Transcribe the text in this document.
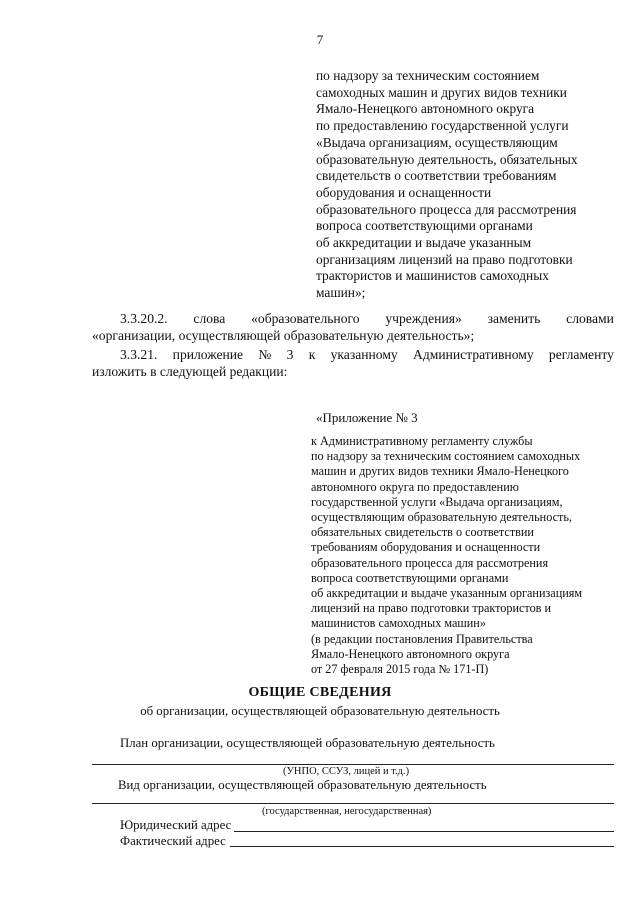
7
по надзору за техническим состоянием
самоходных машин и других видов техники
Ямало-Ненецкого автономного округа
по предоставлению государственной услуги
«Выдача организациям, осуществляющим
образовательную деятельность, обязательных
свидетельств о соответствии требованиям
оборудования и оснащенности
образовательного процесса для рассмотрения
вопроса соответствующими органами
об аккредитации и выдаче указанным
организациям лицензий на право подготовки
трактористов и машинистов самоходных
машин»;
3.3.20.2. слова «образовательного учреждения» заменить словами
«организации, осуществляющей образовательную деятельность»;
3.3.21. приложение № 3 к указанному Административному регламенту
изложить в следующей редакции:
«Приложение № 3
к Административному регламенту службы
по надзору за техническим состоянием самоходных
машин и других видов техники Ямало-Ненецкого
автономного округа по предоставлению
государственной услуги «Выдача организациям,
осуществляющим образовательную деятельность,
обязательных свидетельств о соответствии
требованиям оборудования и оснащенности
образовательного процесса для рассмотрения
вопроса соответствующими органами
об аккредитации и выдаче указанным организациям
лицензий на право подготовки трактористов и
машинистов самоходных машин»
(в редакции постановления Правительства
Ямало-Ненецкого автономного округа
от 27 февраля 2015 года № 171-П)
ОБЩИЕ СВЕДЕНИЯ
об организации, осуществляющей образовательную деятельность
План организации, осуществляющей образовательную деятельность
(УНПО, ССУЗ, лицей и т.д.)
Вид организации, осуществляющей образовательную деятельность
(государственная, негосударственная)
Юридический адрес
Фактический адрес
